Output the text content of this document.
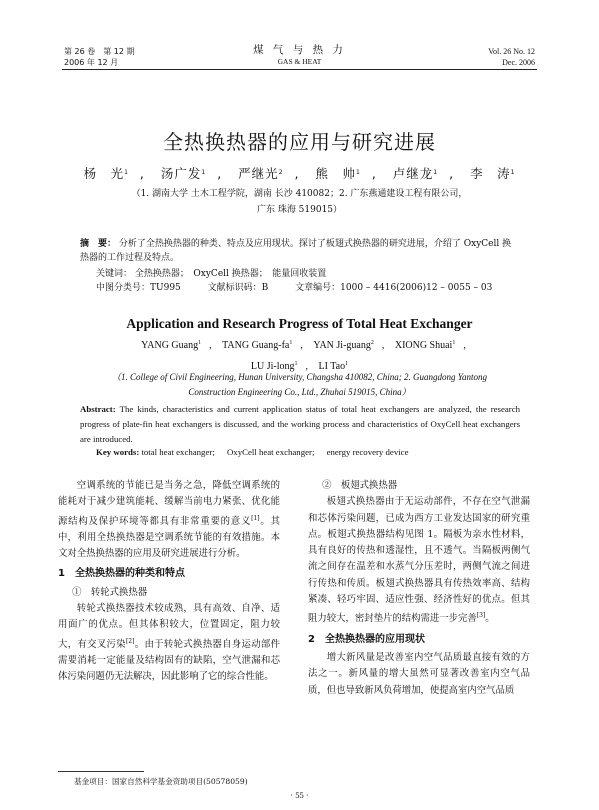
第 26 卷　第 12 期
2006 年 12 月
煤 气 与 热 力
GAS & HEAT
Vol. 26 No. 12
Dec. 2006
全热换热器的应用与研究进展
杨　光$^1$ , 汤广发$^1$ , 严继光$^2$ , 熊　帅$^1$ , 卢继龙$^1$ , 李　涛$^1$
（1. 湖南大学 土木工程学院，湖南 长沙 410082；2. 广东燕通建设工程有限公司，
广东 珠海 519015）
摘　要： 分析了全热换热器的种类、特点及应用现状。探讨了板翅式换热器的研究进展，介绍了 OxyCell 换热器的工作过程及特点。
关键词： 全热换热器；　OxyCell 换热器；　能量回收装置
中图分类号：TU995	文献标识码：B	文章编号：1000 – 4416(2006)12 – 0055 – 03
Application and Research Progress of Total Heat Exchanger
YANG Guang$^1$ , TANG Guang-$fa^1$ , YAN Ji-guang$^2$ , XIONG Shuai$^1$ ,
LU Ji-long$^1$ , LI Tao$^1$
（1. College of Civil Engineering, Hunan University, Changsha 410082, China; 2. Guangdong Yantong
Construction Engineering Co., Ltd., Zhuhai 519015, China）
Abstract: The kinds, characteristics and current application status of total heat exchangers are analyzed, the research progress of plate-fin heat exchangers is discussed, and the working process and characteristics of OxyCell heat exchangers are introduced.
Key words: total heat exchanger; OxyCell heat exchanger; energy recovery device

空调系统的节能已是当务之急，降低空调系统的能耗对于减少建筑能耗、缓解当前电力紧张、优化能源结构及保护环境等都具有非常重要的意义[1]。其中，利用全热换热器是空调系统节能的有效措施。本文对全热换热器的应用及研究进展进行分析。

1　全热换热器的种类和特点

①　转轮式换热器

转轮式换热器技术较成熟，具有高效、自净、适用面广的优点。但其体积较大，位置固定，阻力较大，有交叉污染[2]。由于转轮式换热器自身运动部件需要消耗一定能量及结构固有的缺陷，空气泄漏和芯体污染问题仍无法解决，因此影响了它的综合性能。

②　板翅式换热器

板翅式换热器由于无运动部件，不存在空气泄漏和芯体污染问题，已成为西方工业发达国家的研究重点。板翅式换热器结构见图 1。隔板为亲水性材料，具有良好的传热和透湿性，且不透气。当隔板两侧气流之间存在温差和水蒸气分压差时，两侧气流之间进行传热和传质。板翅式换热器具有传热效率高、结构紧凑、轻巧牢固、适应性强、经济性好的优点。但其阻力较大，密封垫片的结构需进一步完善[3]。

2　全热换热器的应用现状

增大新风量是改善室内空气品质最直接有效的方法之一。新风量的增大虽然可显著改善室内空气品质，但也导致新风负荷增加，使提高室内空气品质

基金项目：国家自然科学基金资助项目(50578059)
· 55 ·
